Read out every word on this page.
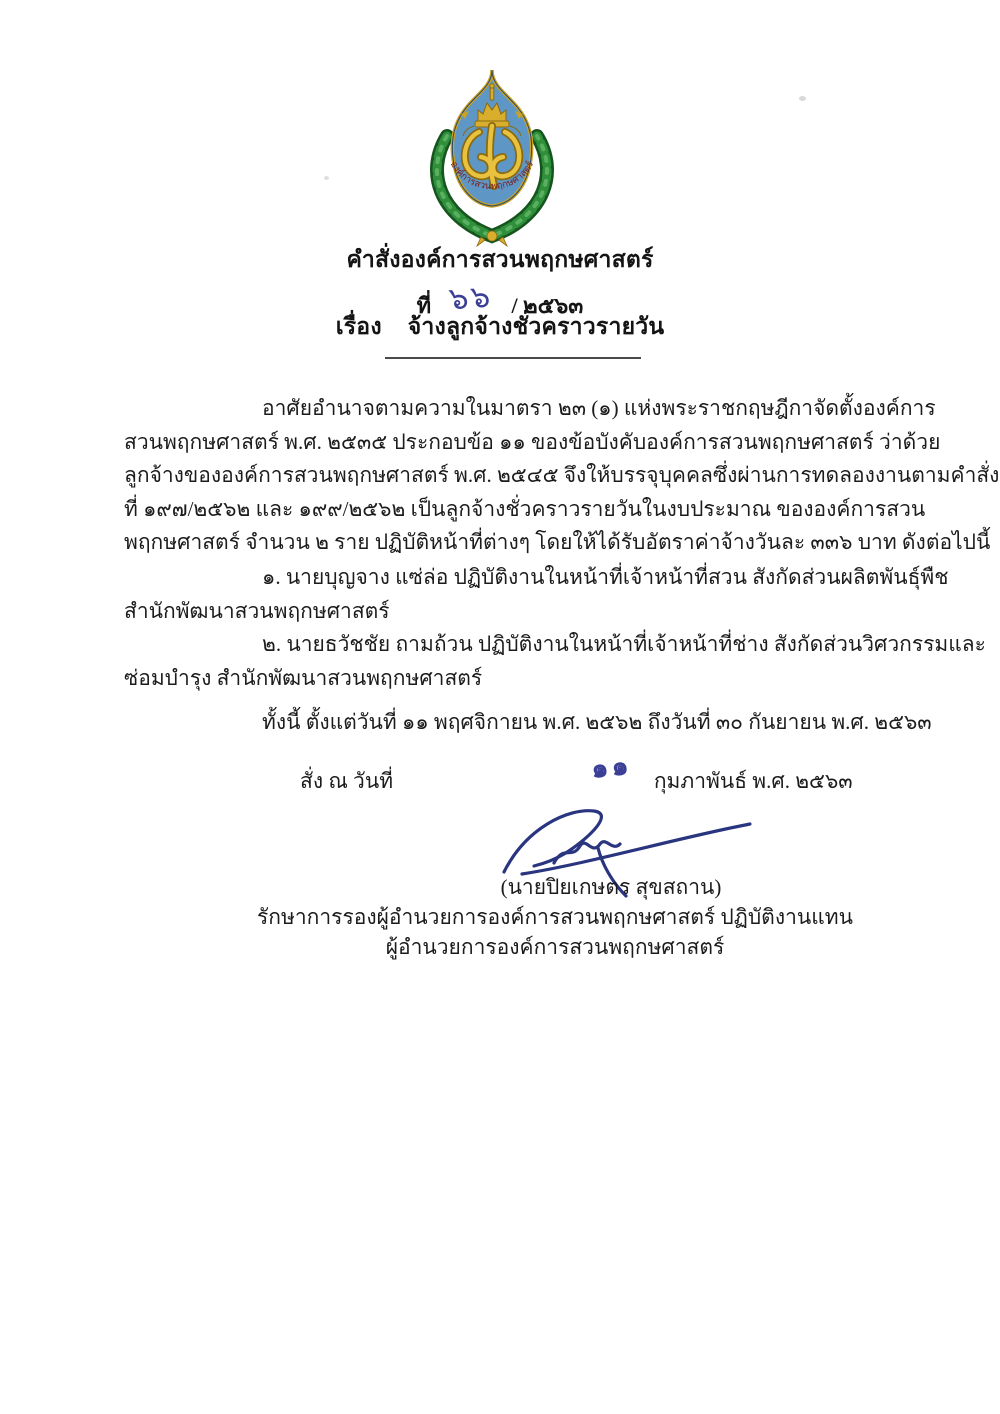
องค์การสวนพฤกษศาสตร์
คำสั่งองค์การสวนพฤกษศาสตร์
ที่ ๖๖ / ๒๕๖๓
เรื่อง จ้างลูกจ้างชั่วคราวรายวัน
อาศัยอำนาจตามความในมาตรา ๒๓ (๑) แห่งพระราชกฤษฎีกาจัดตั้งองค์การ
สวนพฤกษศาสตร์ พ.ศ. ๒๕๓๕ ประกอบข้อ ๑๑ ของข้อบังคับองค์การสวนพฤกษศาสตร์ ว่าด้วย
ลูกจ้างขององค์การสวนพฤกษศาสตร์ พ.ศ. ๒๕๔๕ จึงให้บรรจุบุคคลซึ่งผ่านการทดลองงานตามคำสั่ง
ที่ ๑๙๗/๒๕๖๒ และ ๑๙๙/๒๕๖๒ เป็นลูกจ้างชั่วคราวรายวันในงบประมาณ ขององค์การสวน
พฤกษศาสตร์ จำนวน ๒ ราย ปฏิบัติหน้าที่ต่างๆ โดยให้ได้รับอัตราค่าจ้างวันละ ๓๓๖ บาท ดังต่อไปนี้
๑. นายบุญจาง แซ่ล่อ ปฏิบัติงานในหน้าที่เจ้าหน้าที่สวน สังกัดส่วนผลิตพันธุ์พืช
สำนักพัฒนาสวนพฤกษศาสตร์
๒. นายธวัชชัย ถามถ้วน ปฏิบัติงานในหน้าที่เจ้าหน้าที่ช่าง สังกัดส่วนวิศวกรรมและ
ซ่อมบำรุง สำนักพัฒนาสวนพฤกษศาสตร์
ทั้งนี้ ตั้งแต่วันที่ ๑๑ พฤศจิกายน พ.ศ. ๒๕๖๒ ถึงวันที่ ๓๐ กันยายน พ.ศ. ๒๕๖๓
สั่ง ณ วันที่	๑๑ กุมภาพันธ์ พ.ศ. ๒๕๖๓
(นายปิยเกษตร สุขสถาน)
รักษาการรองผู้อำนวยการองค์การสวนพฤกษศาสตร์ ปฏิบัติงานแทน
ผู้อำนวยการองค์การสวนพฤกษศาสตร์
